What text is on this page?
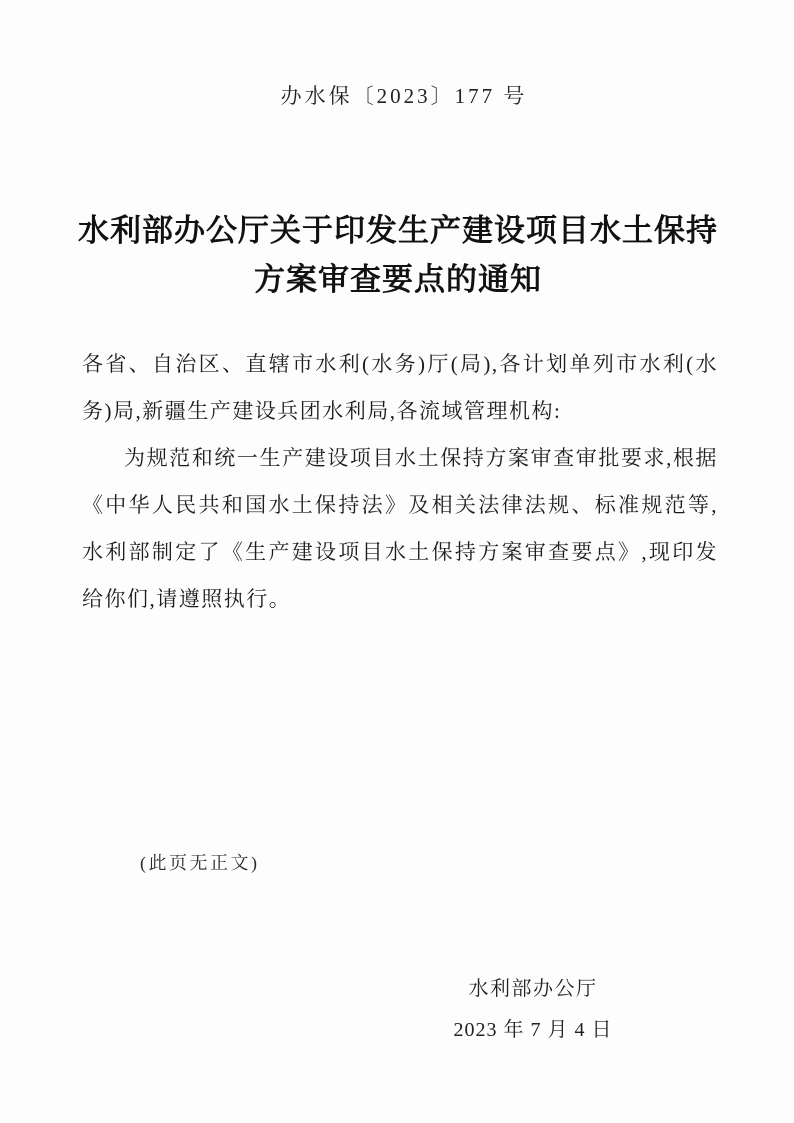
办水保〔2023〕177 号
水利部办公厅关于印发生产建设项目水土保持
方案审查要点的通知

各省、自治区、直辖市水利(水务)厅(局),各计划单列市水利(水务)局,新疆生产建设兵团水利局,各流域管理机构:

为规范和统一生产建设项目水土保持方案审查审批要求,根据《中华人民共和国水土保持法》及相关法律法规、标准规范等,水利部制定了《生产建设项目水土保持方案审查要点》,现印发给你们,请遵照执行。

(此页无正文)
水利部办公厅
2023 年 7 月 4 日
